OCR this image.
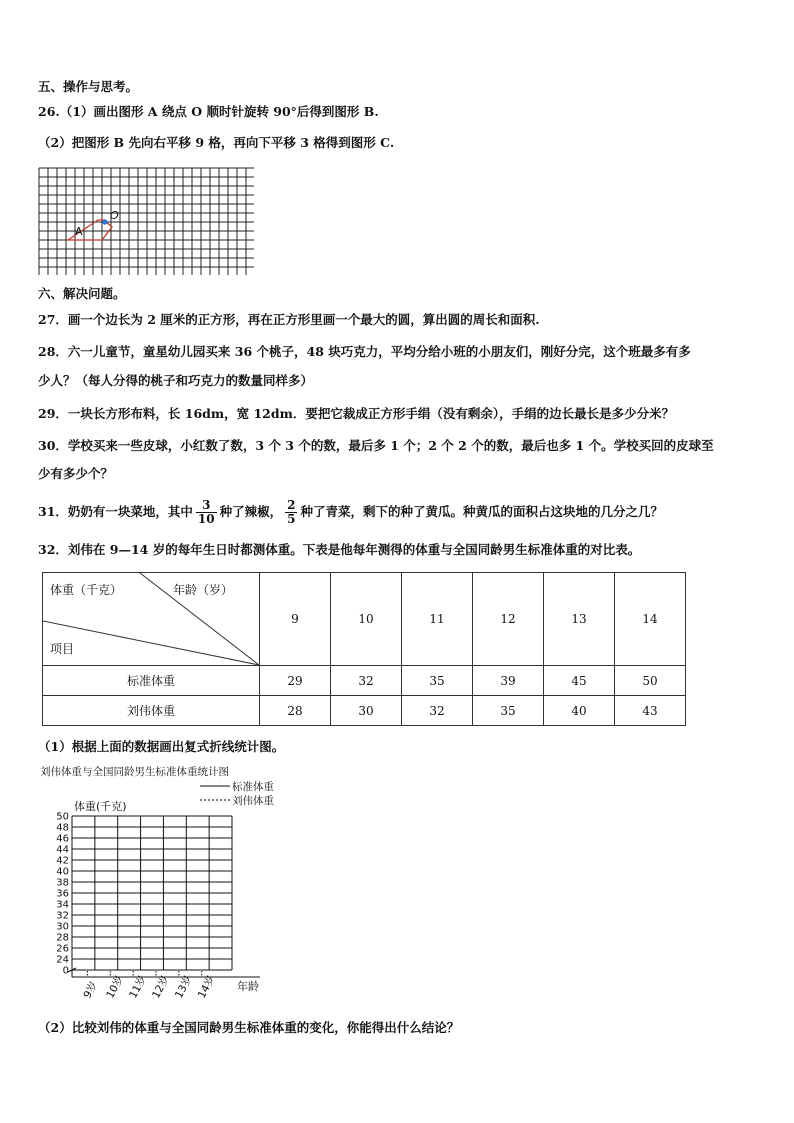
五、操作与思考。
26.（1）画出图形 A 绕点 O 顺时针旋转 90°后得到图形 B.
（2）把图形 B 先向右平移 9 格，再向下平移 3 格得到图形 C.
A
O
六、解决问题。
27．画一个边长为 2 厘米的正方形，再在正方形里画一个最大的圆，算出圆的周长和面积.
28．六一儿童节，童星幼儿园买来 36 个桃子，48 块巧克力，平均分给小班的小朋友们，刚好分完，这个班最多有多
少人？（每人分得的桃子和巧克力的数量同样多）
29．一块长方形布料，长 16dm，宽 12dm．要把它裁成正方形手绢（没有剩余），手绢的边长最长是多少分米？
30．学校买来一些皮球，小红数了数，3 个 3 个的数，最后多 1 个；2 个 2 个的数，最后也多 1 个。学校买回的皮球至
少有多少个？
31．奶奶有一块菜地，其中 $\frac{3}{10}$ 种了辣椒， $\frac{2}{5}$ 种了青菜，剩下的种了黄瓜。种黄瓜的面积占这块地的几分之几？
32．刘伟在 9—14 岁的每年生日时都测体重。下表是他每年测得的体重与全国同龄男生标准体重的对比表。
体重（千克） 年龄（岁）
项目	9	10	11	12	13	14
标准体重	29	32	35	39	45	50
刘伟体重	28	30	32	35	40	43
（1）根据上面的数据画出复式折线统计图。
刘伟体重与全国同龄男生标准体重统计图
标准体重
刘伟体重
体重(千克)
0
24
26
28
30
32
34
36
38
40
42
44
46
48
50
9岁 10岁 11岁 12岁 13岁 14岁 年龄
（2）比较刘伟的体重与全国同龄男生标准体重的变化，你能得出什么结论？
